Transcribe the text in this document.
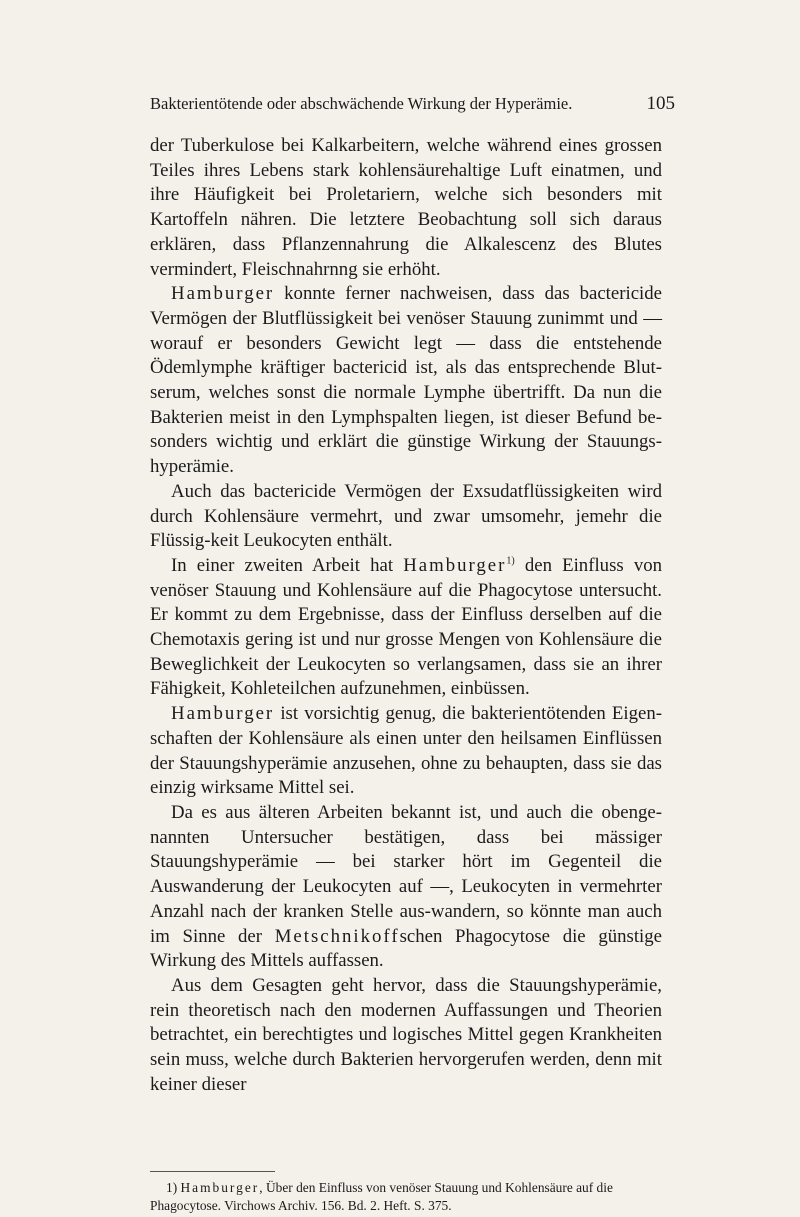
Bakterientötende oder abschwächende Wirkung der Hyperämie.	105

der Tuberkulose bei Kalkarbeitern, welche während eines grossen Teiles ihres Lebens stark kohlensäurehaltige Luft einatmen, und ihre Häufigkeit bei Proletariern, welche sich besonders mit Kartoffeln nähren. Die letztere Beobachtung soll sich daraus erklären, dass Pflanzennahrung die Alkalescenz des Blutes vermindert, Fleischnahrnng sie erhöht.

Hamburger konnte ferner nachweisen, dass das bactericide Vermögen der Blutflüssigkeit bei venöser Stauung zunimmt und — worauf er besonders Gewicht legt — dass die entstehende Ödemlymphe kräftiger bactericid ist, als das entsprechende Blut-serum, welches sonst die normale Lymphe übertrifft. Da nun die Bakterien meist in den Lymphspalten liegen, ist dieser Befund be-sonders wichtig und erklärt die günstige Wirkung der Stauungs-hyperämie.

Auch das bactericide Vermögen der Exsudatflüssigkeiten wird durch Kohlensäure vermehrt, und zwar umsomehr, jemehr die Flüssig-keit Leukocyten enthält.

In einer zweiten Arbeit hat Hamburger$^{1)}$ den Einfluss von venöser Stauung und Kohlensäure auf die Phagocytose untersucht. Er kommt zu dem Ergebnisse, dass der Einfluss derselben auf die Chemotaxis gering ist und nur grosse Mengen von Kohlensäure die Beweglichkeit der Leukocyten so verlangsamen, dass sie an ihrer Fähigkeit, Kohleteilchen aufzunehmen, einbüssen.

Hamburger ist vorsichtig genug, die bakterientötenden Eigen-schaften der Kohlensäure als einen unter den heilsamen Einflüssen der Stauungshyperämie anzusehen, ohne zu behaupten, dass sie das einzig wirksame Mittel sei.

Da es aus älteren Arbeiten bekannt ist, und auch die obenge-nannten Untersucher bestätigen, dass bei mässiger Stauungshyperämie — bei starker hört im Gegenteil die Auswanderung der Leukocyten auf —, Leukocyten in vermehrter Anzahl nach der kranken Stelle aus-wandern, so könnte man auch im Sinne der Metschnikoffschen Phagocytose die günstige Wirkung des Mittels auffassen.

Aus dem Gesagten geht hervor, dass die Stauungshyperämie, rein theoretisch nach den modernen Auffassungen und Theorien betrachtet, ein berechtigtes und logisches Mittel gegen Krankheiten sein muss, welche durch Bakterien hervorgerufen werden, denn mit keiner dieser

1) Hamburger, Über den Einfluss von venöser Stauung und Kohlensäure auf die Phagocytose. Virchows Archiv. 156. Bd. 2. Heft. S. 375.
